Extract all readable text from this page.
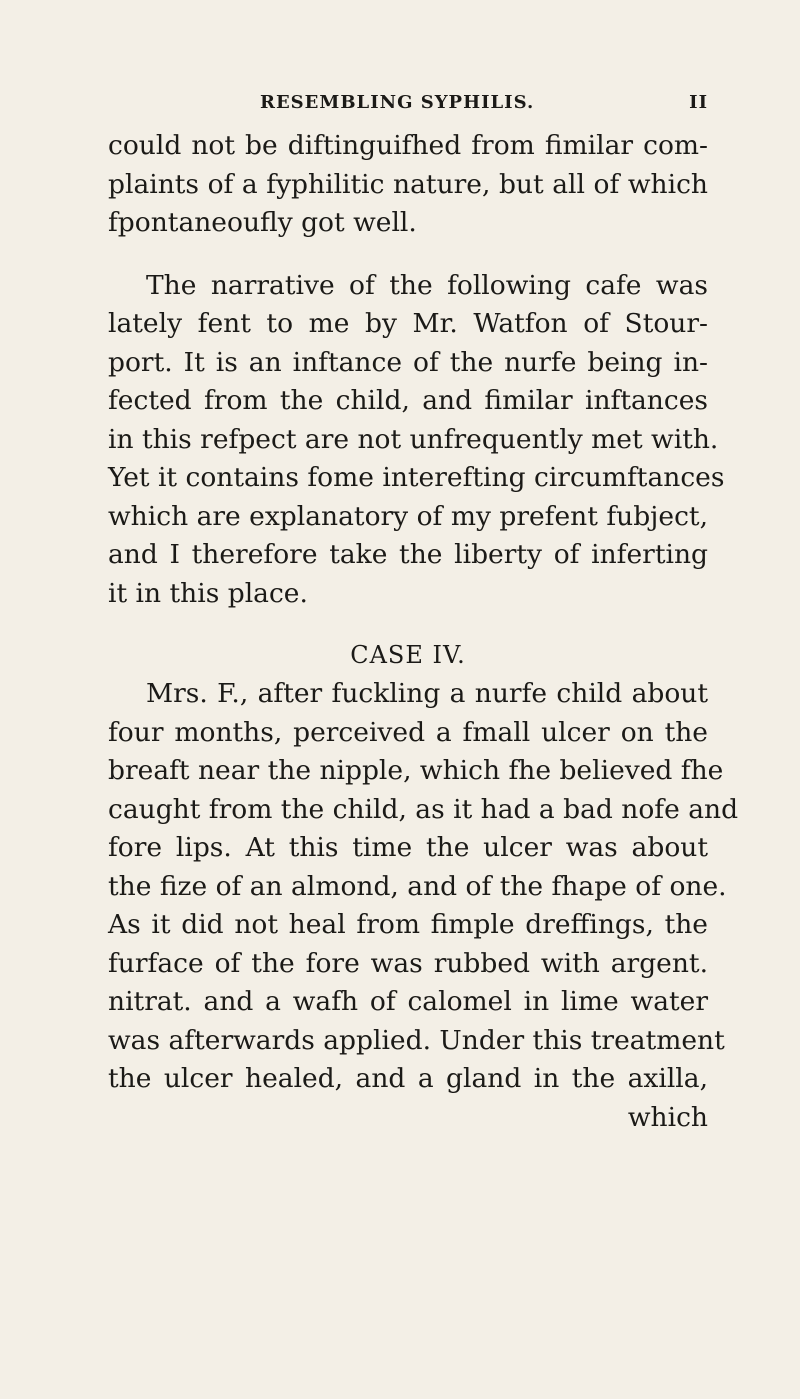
RESEMBLING SYPHILIS.	II
could not be diftinguifhed from fimilar com-
plaints of a fyphilitic nature, but all of which
fpontaneoufly got well.
The narrative of the following cafe was
lately fent to me by Mr. Watfon of Stour-
port. It is an inftance of the nurfe being in-
fected from the child, and fimilar inftances
in this refpect are not unfrequently met with.
Yet it contains fome interefting circumftances
which are explanatory of my prefent fubject,
and I therefore take the liberty of inferting
it in this place.
CASE IV.
Mrs. F., after fuckling a nurfe child about
four months, perceived a fmall ulcer on the
breaft near the nipple, which fhe believed fhe
caught from the child, as it had a bad nofe and
fore lips. At this time the ulcer was about
the fize of an almond, and of the fhape of one.
As it did not heal from fimple dreffings, the
furface of the fore was rubbed with argent.
nitrat. and a wafh of calomel in lime water
was afterwards applied. Under this treatment
the ulcer healed, and a gland in the axilla,
which
